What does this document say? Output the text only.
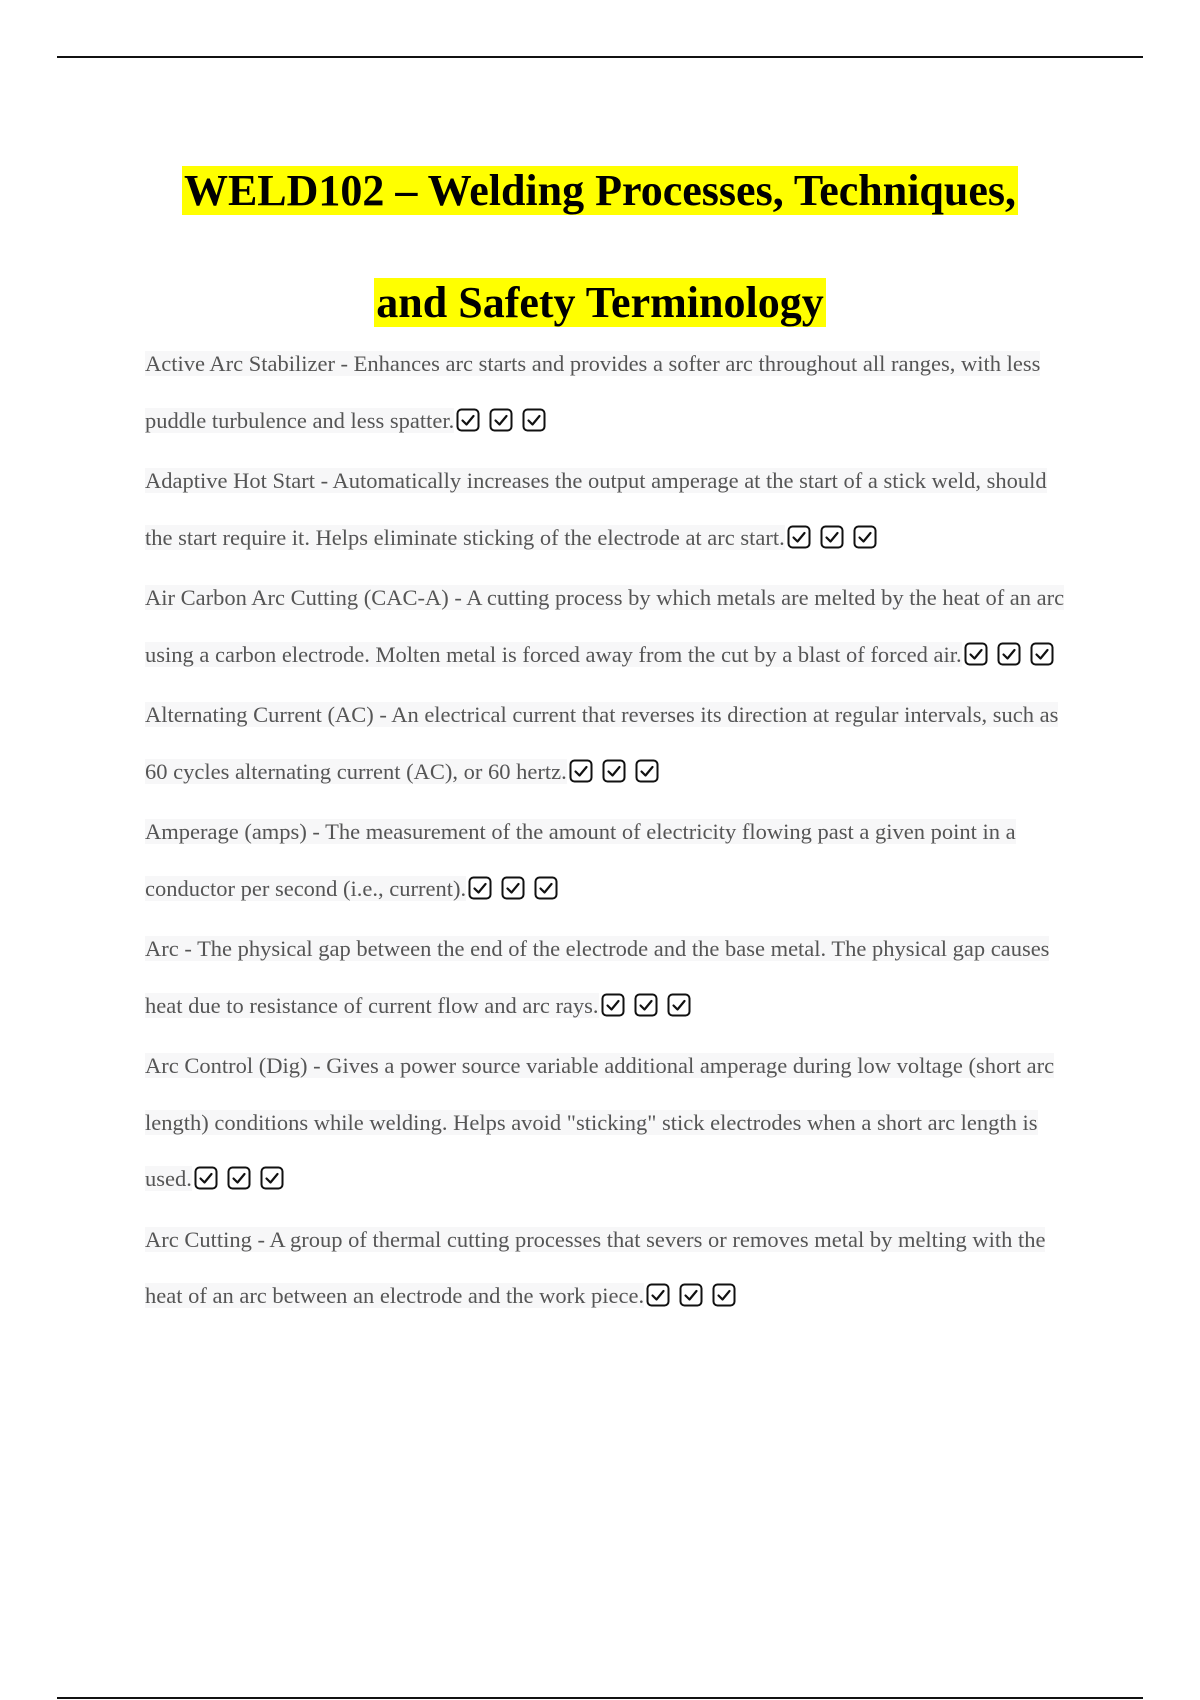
WELD102 – Welding Processes, Techniques,
and Safety Terminology

Active Arc Stabilizer - Enhances arc starts and provides a softer arc throughout all ranges, with less puddle turbulence and less spatter.

Adaptive Hot Start - Automatically increases the output amperage at the start of a stick weld, should the start require it. Helps eliminate sticking of the electrode at arc start.

Air Carbon Arc Cutting (CAC-A) - A cutting process by which metals are melted by the heat of an arc using a carbon electrode. Molten metal is forced away from the cut by a blast of forced air.

Alternating Current (AC) - An electrical current that reverses its direction at regular intervals, such as 60 cycles alternating current (AC), or 60 hertz.

Amperage (amps) - The measurement of the amount of electricity flowing past a given point in a conductor per second (i.e., current).

Arc - The physical gap between the end of the electrode and the base metal. The physical gap causes heat due to resistance of current flow and arc rays.

Arc Control (Dig) - Gives a power source variable additional amperage during low voltage (short arc length) conditions while welding. Helps avoid "sticking" stick electrodes when a short arc length is used.

Arc Cutting - A group of thermal cutting processes that severs or removes metal by melting with the heat of an arc between an electrode and the work piece.
